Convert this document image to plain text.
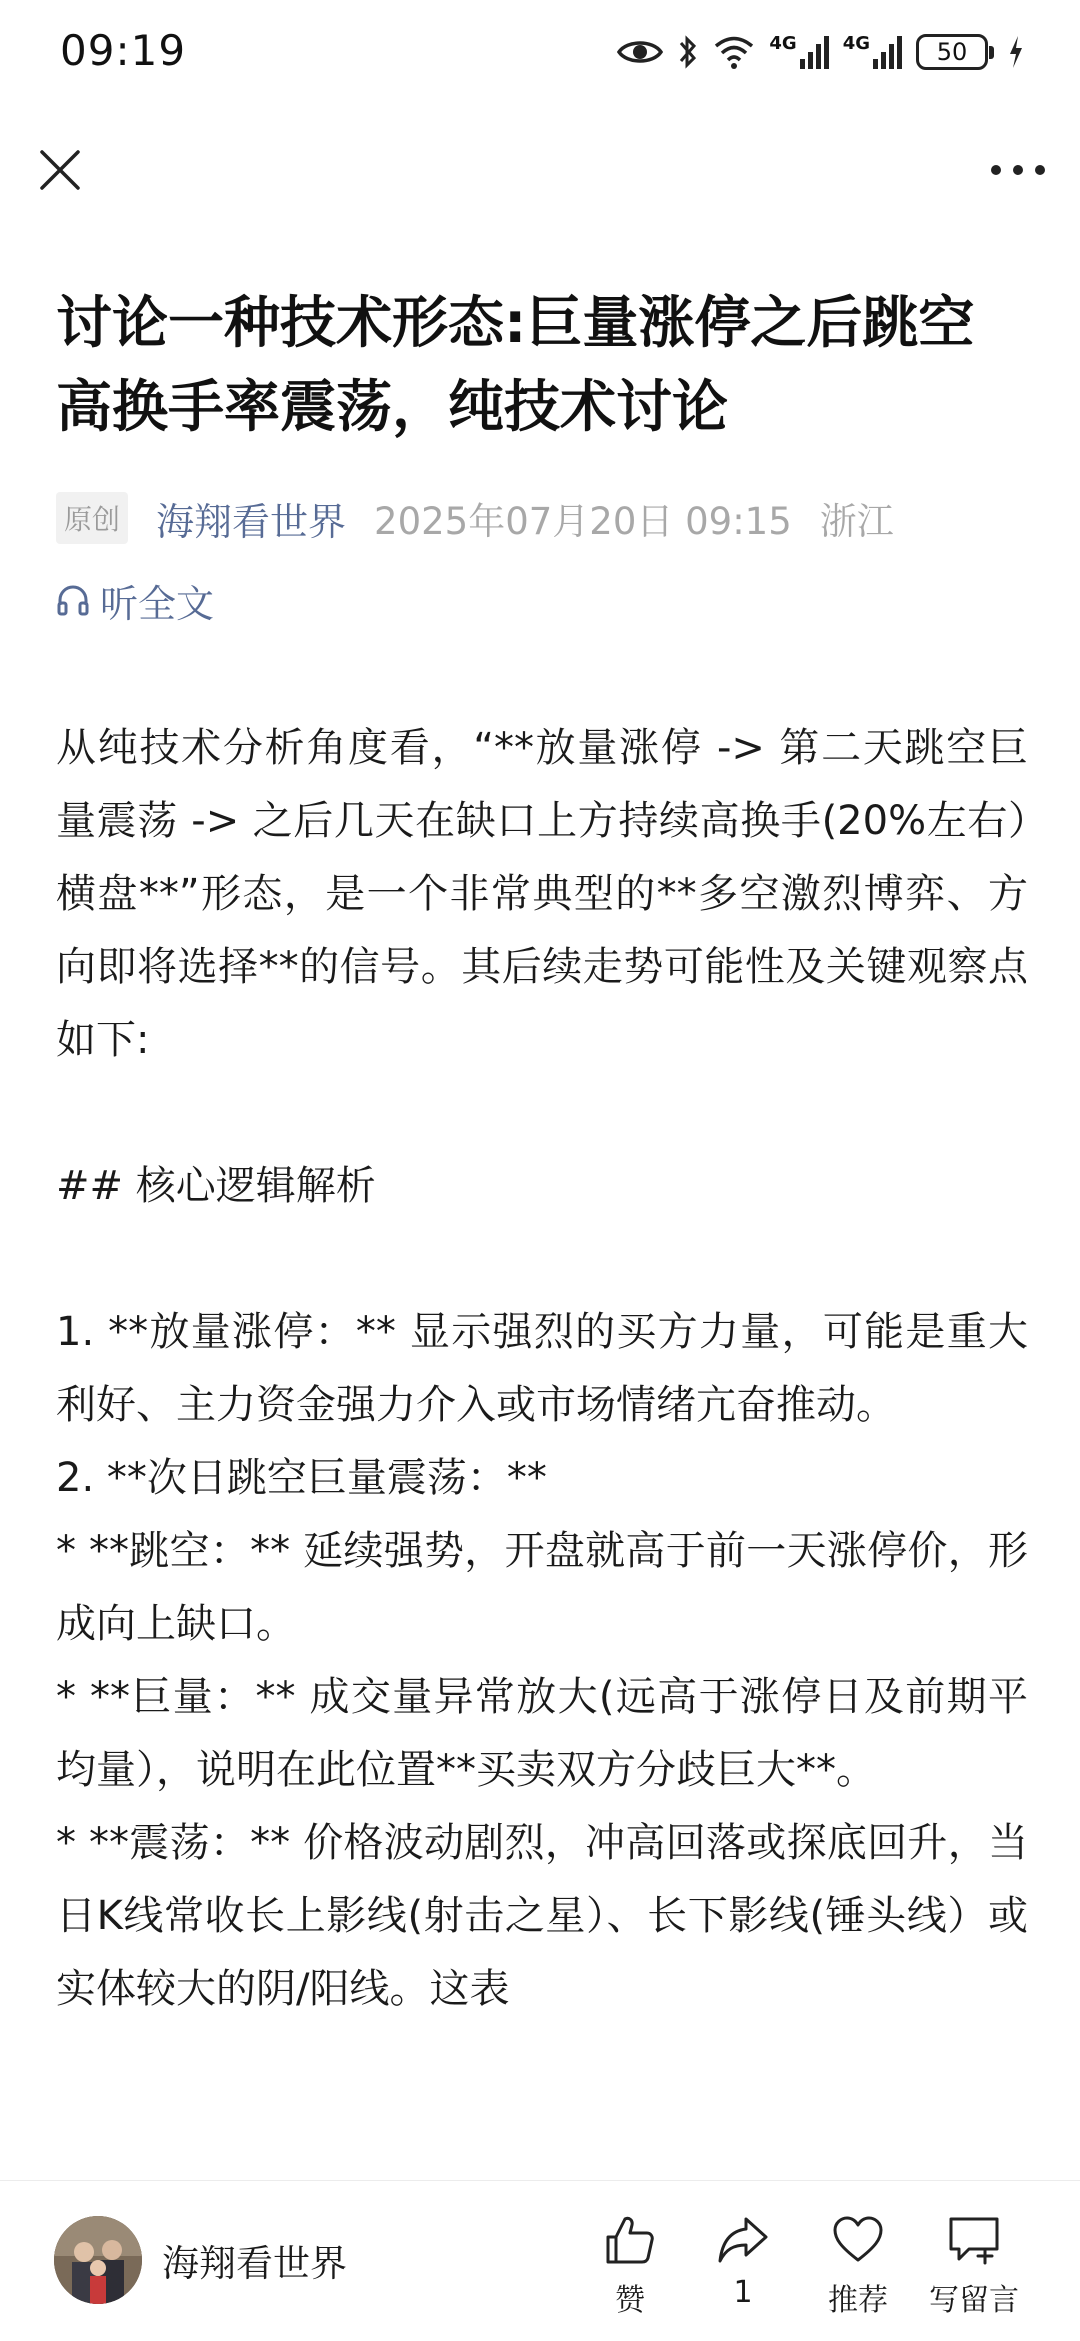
09:19	4G	4G	50
讨论一种技术形态:巨量涨停之后跳空高换手率震荡，纯技术讨论
原创 海翔看世界 2025年07月20日 09:15 浙江
听全文

从纯技术分析角度看，“**放量涨停 -> 第二天跳空巨量震荡 -> 之后几天在缺口上方持续高换手(20%左右）横盘**”形态，是一个非常典型的**多空激烈博弈、方向即将选择**的信号。其后续走势可能性及关键观察点如下:

## 核心逻辑解析

1. **放量涨停：** 显示强烈的买方力量，可能是重大利好、主力资金强力介入或市场情绪亢奋推动。

2. **次日跳空巨量震荡：**

* **跳空：** 延续强势，开盘就高于前一天涨停价，形成向上缺口。

* **巨量：** 成交量异常放大(远高于涨停日及前期平均量），说明在此位置**买卖双方分歧巨大**。

* **震荡：** 价格波动剧烈，冲高回落或探底回升，当日K线常收长上影线(射击之星）、长下影线(锤头线）或实体较大的阴/阳线。这表

海翔看世界
赞	1	推荐 写留言
